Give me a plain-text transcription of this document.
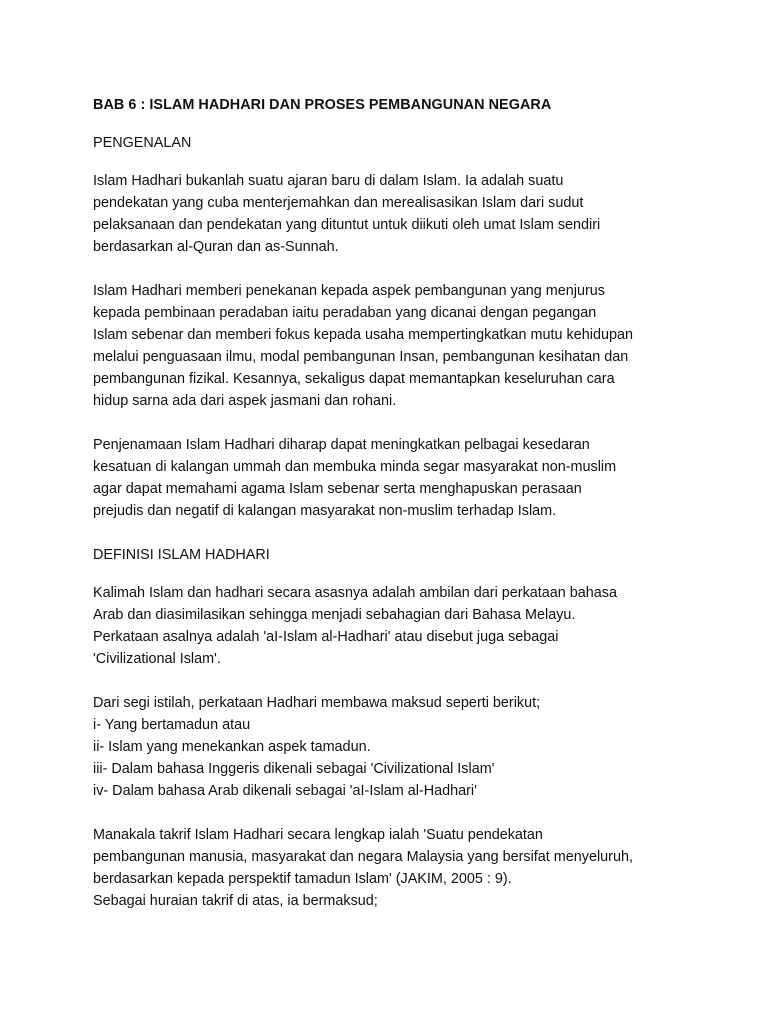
BAB 6 : ISLAM HADHARI DAN PROSES PEMBANGUNAN NEGARA
PENGENALAN
Islam Hadhari bukanlah suatu ajaran baru di dalam Islam. Ia adalah suatu
pendekatan yang cuba menterjemahkan dan merealisasikan Islam dari sudut
pelaksanaan dan pendekatan yang dituntut untuk diikuti oleh umat Islam sendiri
berdasarkan al-Quran dan as-Sunnah.
Islam Hadhari memberi penekanan kepada aspek pembangunan yang menjurus
kepada pembinaan peradaban iaitu peradaban yang dicanai dengan pegangan
Islam sebenar dan memberi fokus kepada usaha mempertingkatkan mutu kehidupan
melalui penguasaan ilmu, modal pembangunan Insan, pembangunan kesihatan dan
pembangunan fizikal. Kesannya, sekaligus dapat memantapkan keseluruhan cara
hidup sarna ada dari aspek jasmani dan rohani.
Penjenamaan Islam Hadhari diharap dapat meningkatkan pelbagai kesedaran
kesatuan di kalangan ummah dan membuka minda segar masyarakat non-muslim
agar dapat memahami agama Islam sebenar serta menghapuskan perasaan
prejudis dan negatif di kalangan masyarakat non-muslim terhadap Islam.
DEFINISI ISLAM HADHARI
Kalimah Islam dan hadhari secara asasnya adalah ambilan dari perkataan bahasa
Arab dan diasimilasikan sehingga menjadi sebahagian dari Bahasa Melayu.
Perkataan asalnya adalah 'aI-Islam al-Hadhari' atau disebut juga sebagai
'Civilizational Islam'.
Dari segi istilah, perkataan Hadhari membawa maksud seperti berikut;
i- Yang bertamadun atau
ii- Islam yang menekankan aspek tamadun.
iii- Dalam bahasa Inggeris dikenali sebagai 'Civilizational Islam'
iv- Dalam bahasa Arab dikenali sebagai 'aI-Islam al-Hadhari'
Manakala takrif Islam Hadhari secara lengkap ialah 'Suatu pendekatan
pembangunan manusia, masyarakat dan negara Malaysia yang bersifat menyeluruh,
berdasarkan kepada perspektif tamadun Islam' (JAKIM, 2005 : 9).
Sebagai huraian takrif di atas, ia bermaksud;
